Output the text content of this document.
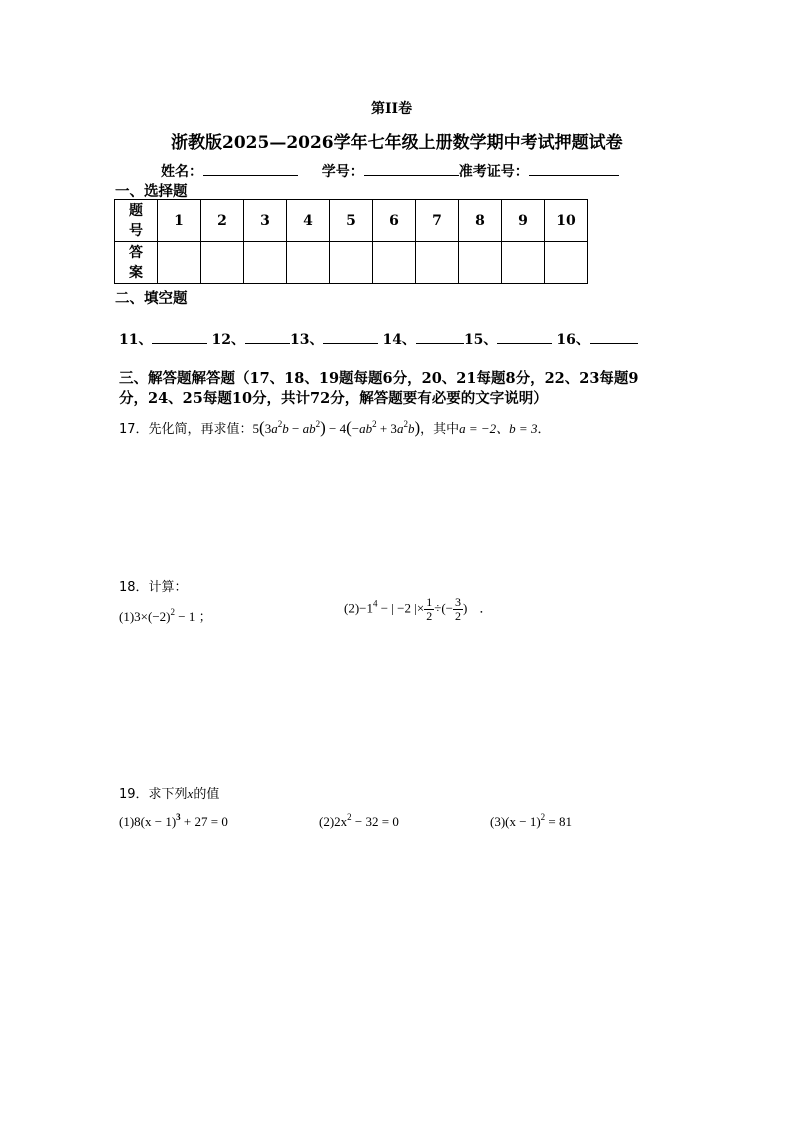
第II卷
浙教版2025—2026学年七年级上册数学期中考试押题试卷
姓名：	学号：	准考证号：
一、选择题
题
号	1	2	3	4	5	6	7	8	9	10
答
案										
二、填空题
11、	12、	13、	14、	15、	16、
三、解答题解答题（17、18、19题每题6分，20、21每题8分，22、23每题9
分，24、25每题10分，共计72分，解答题要有必要的文字说明）
17．先化简，再求值：$5(3a^2b - ab^2) - 4(-ab^2 + 3a^2b)$，其中a = −2、b = 3．
18．计算：
$(1)3\times(-2)^2 - 1$ ；
$(2)-1^4$ − | −2 |× $\frac{1}{2}$ ÷(− $\frac{3}{2}$ ) ．
19．求下列x的值
$(1)8(x - 1)^3 + 27 = 0$	$(2)2x^2 - 32 = 0$	$(3)(x - 1)^2 = 81$
